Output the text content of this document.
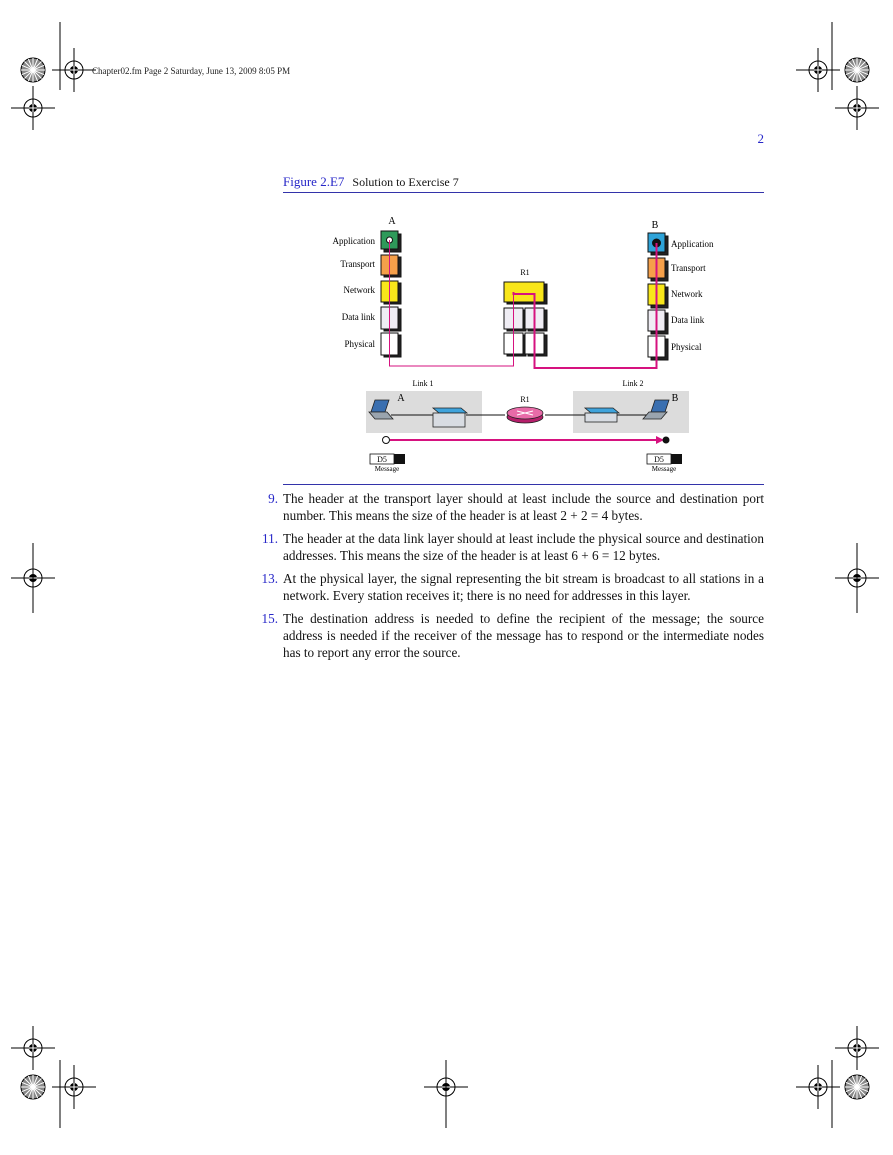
Chapter02.fm Page 2 Saturday, June 13, 2009 8:05 PM
2
Figure 2.E7 Solution to Exercise 7
A	B
R1
Application
Transport
Network
Data link
Physical
Application
Transport
Network
Data link
Physical
Link 1	Link 2
A	R1	B
D5
Message
D5
Message
9. The header at the transport layer should at least include the source and destination port number. This means the size of the header is at least 2 + 2 = 4 bytes.
11. The header at the data link layer should at least include the physical source and destination addresses. This means the size of the header is at least 6 + 6 = 12 bytes.
13. At the physical layer, the signal representing the bit stream is broadcast to all stations in a network. Every station receives it; there is no need for addresses in this layer.
15. The destination address is needed to define the recipient of the message; the source address is needed if the receiver of the message has to respond or the intermediate nodes has to report any error the source.
